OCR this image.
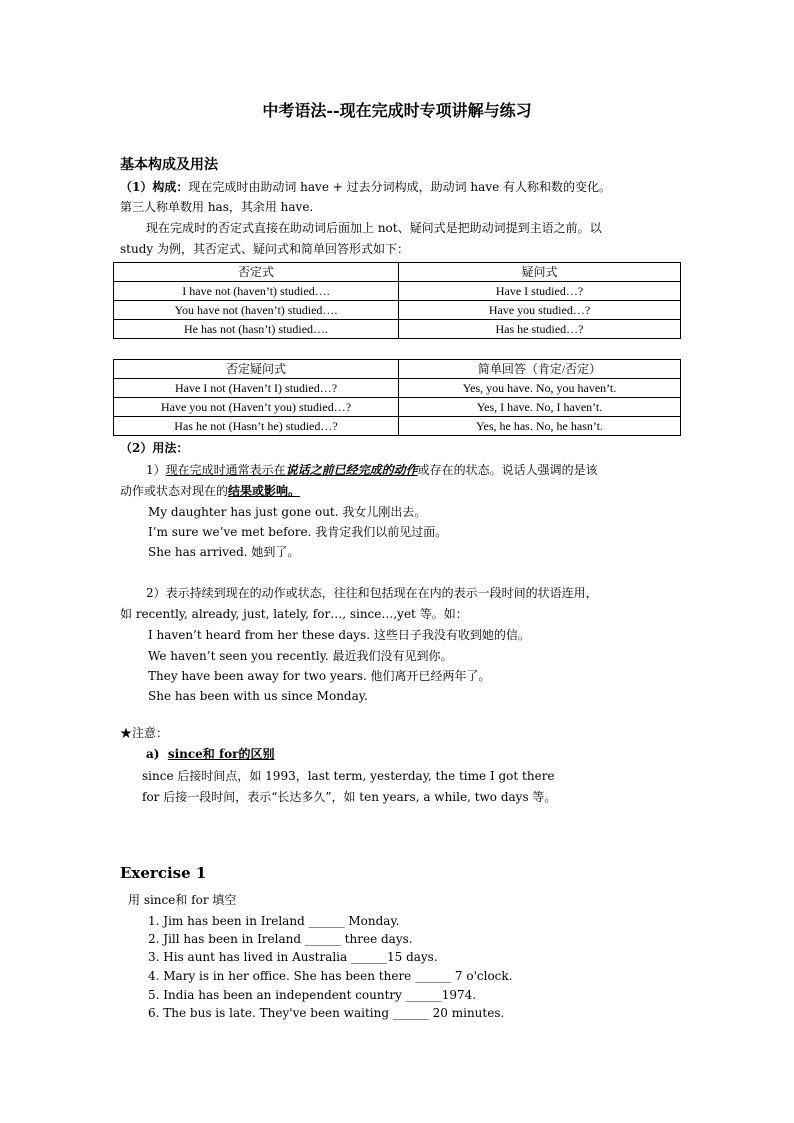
中考语法--现在完成时专项讲解与练习
基本构成及用法
（1）构成：现在完成时由助动词 have + 过去分词构成，助动词 have 有人称和数的变化。
第三人称单数用 has，其余用 have.
现在完成时的否定式直接在助动词后面加上 not、疑问式是把助动词提到主语之前。以
study 为例，其否定式、疑问式和简单回答形式如下：
否定式	疑问式
I have not (haven’t) studied….	Have I studied…?
You have not (haven’t) studied….	Have you studied…?
He has not (hasn’t) studied….	Has he studied…?
否定疑问式	简单回答（肯定/否定）
Have I not (Haven’t I) studied…?	Yes, you have. No, you haven’t.
Have you not (Haven’t you) studied…?	Yes, I have. No, I haven’t.
Has he not (Hasn’t he) studied…?	Yes, he has. No, he hasn’t.
（2）用法：
1）现在完成时通常表示在说话之前已经完成的动作或存在的状态。说话人强调的是该
动作或状态对现在的结果或影响。
My daughter has just gone out. 我女儿刚出去。
I’m sure we’ve met before. 我肯定我们以前见过面。
She has arrived. 她到了。
2）表示持续到现在的动作或状态，往往和包括现在在内的表示一段时间的状语连用，
如 recently, already, just, lately, for…, since…,yet 等。如：
I haven’t heard from her these days. 这些日子我没有收到她的信。
We haven’t seen you recently. 最近我们没有见到你。
They have been away for two years. 他们离开已经两年了。
She has been with us since Monday.
★注意：
a) since和 for的区别
since 后接时间点，如 1993，last term, yesterday, the time I got there
for 后接一段时间，表示“长达多久”，如 ten years, a while, two days 等。
Exercise 1
用 since和 for 填空
1. Jim has been in Ireland ______ Monday.
2. Jill has been in Ireland ______ three days.
3. His aunt has lived in Australia ______15 days.
4. Mary is in her office. She has been there ______ 7 o'clock.
5. India has been an independent country ______1974.
6. The bus is late. They've been waiting ______ 20 minutes.
